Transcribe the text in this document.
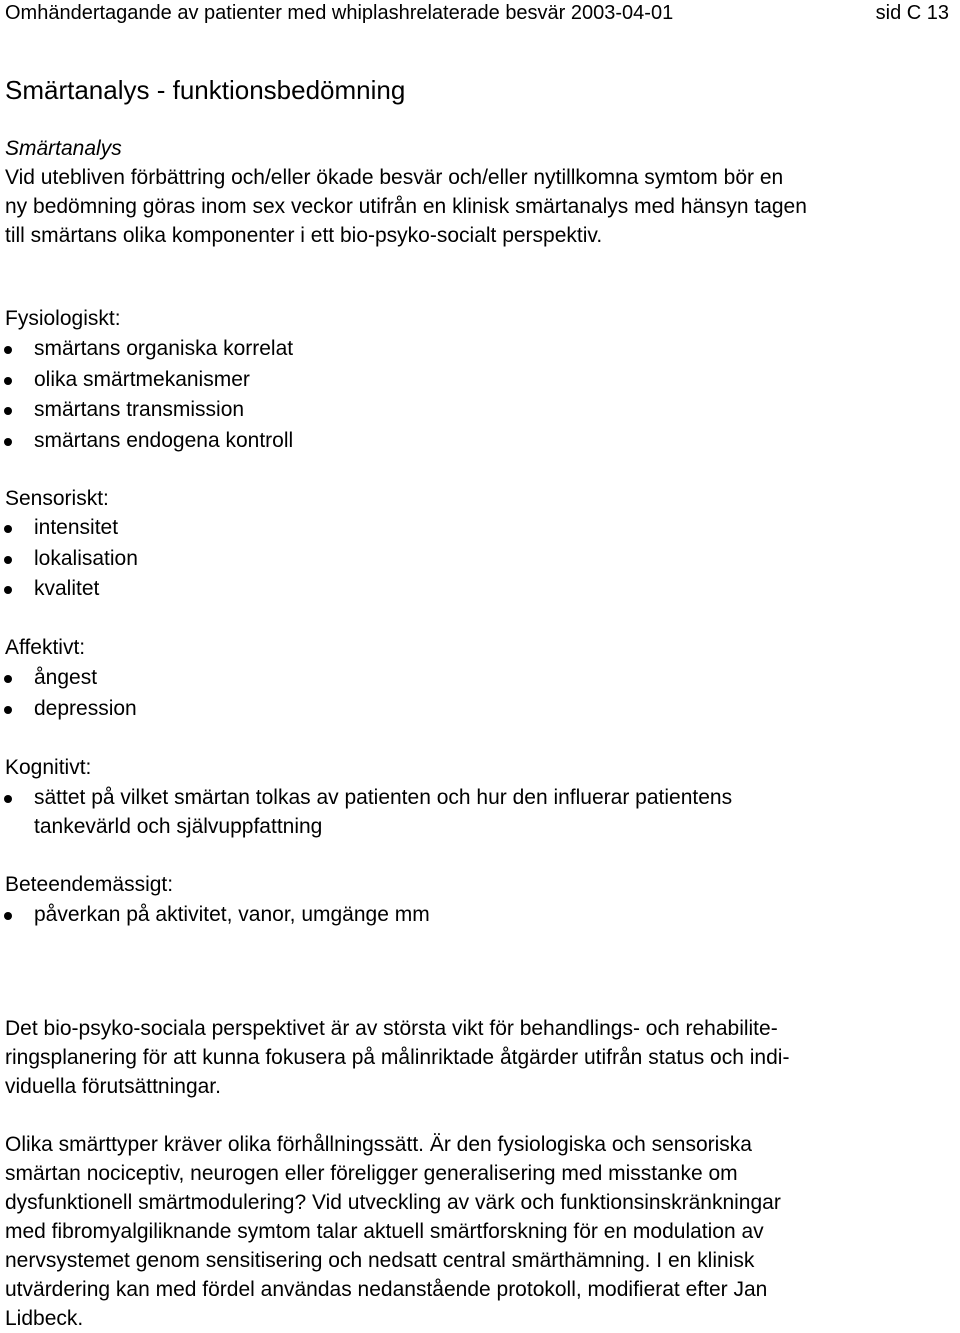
Omhändertagande av patienter med whiplashrelaterade besvär 2003-04-01	sid C 13
Smärtanalys - funktionsbedömning
Smärtanalys
Vid utebliven förbättring och/eller ökade besvär och/eller nytillkomna symtom bör en
ny bedömning göras inom sex veckor utifrån en klinisk smärtanalys med hänsyn tagen
till smärtans olika komponenter i ett bio-psyko-socialt perspektiv.
Fysiologiskt:
smärtans organiska korrelat
olika smärtmekanismer
smärtans transmission
smärtans endogena kontroll
Sensoriskt:
intensitet
lokalisation
kvalitet
Affektivt:
ångest
depression
Kognitivt:
sättet på vilket smärtan tolkas av patienten och hur den influerar patientens
tankevärld och självuppfattning
Beteendemässigt:
påverkan på aktivitet, vanor, umgänge mm
Det bio-psyko-sociala perspektivet är av största vikt för behandlings- och rehabilite-
ringsplanering för att kunna fokusera på målinriktade åtgärder utifrån status och indi-
viduella förutsättningar.
Olika smärttyper kräver olika förhållningssätt. Är den fysiologiska och sensoriska
smärtan nociceptiv, neurogen eller föreligger generalisering med misstanke om
dysfunktionell smärtmodulering? Vid utveckling av värk och funktionsinskränkningar
med fibromyalgiliknande symtom talar aktuell smärtforskning för en modulation av
nervsystemet genom sensitisering och nedsatt central smärthämning. I en klinisk
utvärdering kan med fördel användas nedanstående protokoll, modifierat efter Jan
Lidbeck.
